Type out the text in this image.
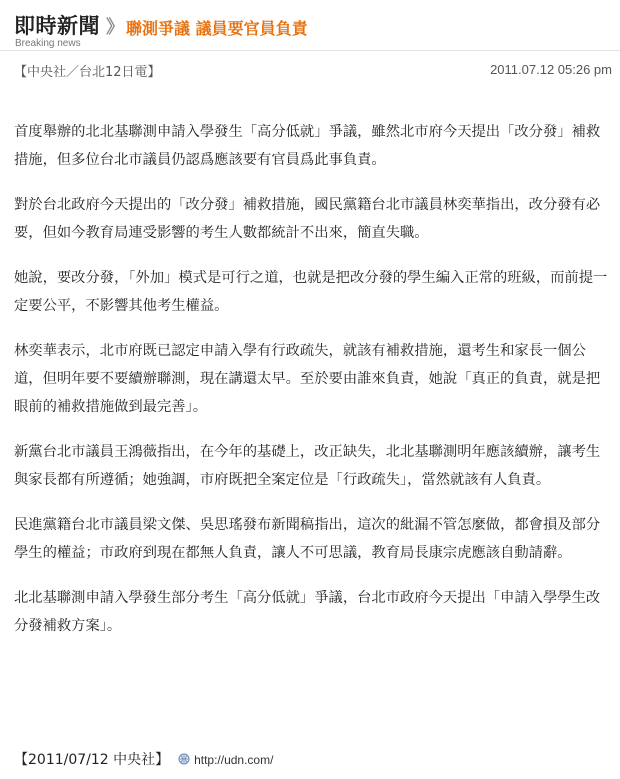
即時新聞
Breaking news
》 聯測爭議 議員要官員負責
【中央社／台北12日電】	2011.07.12 05:26 pm

首度舉辦的北北基聯測申請入學發生「高分低就」爭議，雖然北市府今天提出「改分發」補救措施，但多位台北市議員仍認爲應該要有官員爲此事負責。

對於台北政府今天提出的「改分發」補救措施，國民黨籍台北市議員林奕華指出，改分發有必要，但如今教育局連受影響的考生人數都統計不出來，簡直失職。

她說，要改分發，「外加」模式是可行之道，也就是把改分發的學生編入正常的班級，而前提一定要公平，不影響其他考生權益。

林奕華表示，北市府既已認定申請入學有行政疏失，就該有補救措施，還考生和家長一個公道，但明年要不要續辦聯測，現在講還太早。至於要由誰來負責，她說「真正的負責，就是把眼前的補救措施做到最完善」。

新黨台北市議員王鴻薇指出，在今年的基礎上，改正缺失，北北基聯測明年應該續辦，讓考生與家長都有所遵循；她強調，市府既把全案定位是「行政疏失」，當然就該有人負責。

民進黨籍台北市議員梁文傑、吳思瑤發布新聞稿指出，這次的紕漏不管怎麼做，都會損及部分學生的權益；市政府到現在都無人負責，讓人不可思議，教育局長康宗虎應該自動請辭。

北北基聯測申請入學發生部分考生「高分低就」爭議，台北市政府今天提出「申請入學學生改分發補救方案」。

【2011/07/12 中央社】 http://udn.com/
